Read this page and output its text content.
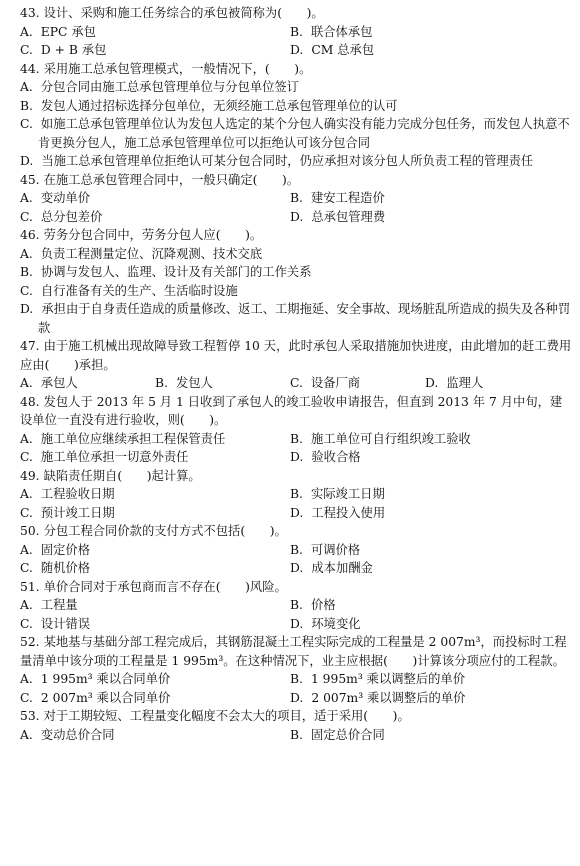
43. 设计、采购和施工任务综合的承包被简称为(　　)。

A. EPC 承包	B. 联合体承包
C. D + B 承包	D. CM 总承包

44. 采用施工总承包管理模式，一般情况下，(　　)。

A. 分包合同由施工总承包管理单位与分包单位签订
B. 发包人通过招标选择分包单位，无须经施工总承包管理单位的认可
C. 如施工总承包管理单位认为发包人选定的某个分包人确实没有能力完成分包任务，而发包人执意不肯更换分包人，施工总承包管理单位可以拒绝认可该分包合同
D. 当施工总承包管理单位拒绝认可某分包合同时，仍应承担对该分包人所负责工程的管理责任

45. 在施工总承包管理合同中，一般只确定(　　)。

A. 变动单价	B. 建安工程造价
C. 总分包差价	D. 总承包管理费

46. 劳务分包合同中，劳务分包人应(　　)。

A. 负责工程测量定位、沉降观测、技术交底
B. 协调与发包人、监理、设计及有关部门的工作关系
C. 自行准备有关的生产、生活临时设施
D. 承担由于自身责任造成的质量修改、返工、工期拖延、安全事故、现场脏乱所造成的损失及各种罚款

47. 由于施工机械出现故障导致工程暂停 10 天，此时承包人采取措施加快进度，由此增加的赶工费用应由(　　)承担。

A. 承包人	B. 发包人	C. 设备厂商	D. 监理人

48. 发包人于 2013 年 5 月 1 日收到了承包人的竣工验收申请报告，但直到 2013 年 7 月中旬，建设单位一直没有进行验收，则(　　)。

A. 施工单位应继续承担工程保管责任	B. 施工单位可自行组织竣工验收
C. 施工单位承担一切意外责任	D. 验收合格

49. 缺陷责任期自(　　)起计算。

A. 工程验收日期	B. 实际竣工日期
C. 预计竣工日期	D. 工程投入使用

50. 分包工程合同价款的支付方式不包括(　　)。

A. 固定价格	B. 可调价格
C. 随机价格	D. 成本加酬金

51. 单价合同对于承包商而言不存在(　　)风险。

A. 工程量	B. 价格
C. 设计错误	D. 环境变化

52. 某地基与基础分部工程完成后，其钢筋混凝土工程实际完成的工程量是 2 007m³，而投标时工程量清单中该分项的工程量是 1 995m³。在这种情况下，业主应根据(　　)计算该分项应付的工程款。

A. 1 995m³ 乘以合同单价	B. 1 995m³ 乘以调整后的单价
C. 2 007m³ 乘以合同单价	D. 2 007m³ 乘以调整后的单价

53. 对于工期较短、工程量变化幅度不会太大的项目，适于采用(　　)。

A. 变动总价合同	B. 固定总价合同
